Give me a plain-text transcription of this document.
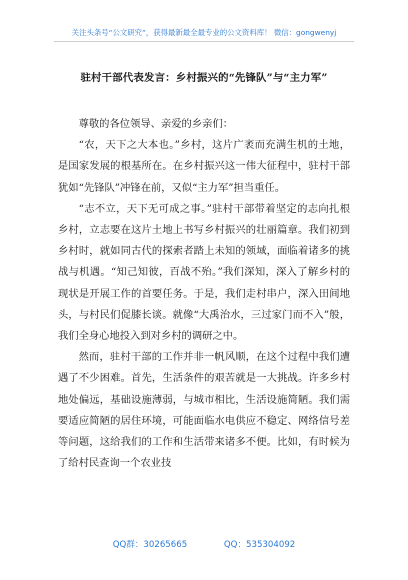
关注头条号“公文研究”，获得最新最全最专业的公文资料库！ 微信：gongwenyj
驻村干部代表发言：乡村振兴的“先锋队”与“主力军”

尊敬的各位领导、亲爱的乡亲们：

“农，天下之大本也。”乡村，这片广袤而充满生机的土地，是国家发展的根基所在。在乡村振兴这一伟大征程中，驻村干部犹如“先锋队”冲锋在前，又似“主力军”担当重任。

“志不立，天下无可成之事。”驻村干部带着坚定的志向扎根乡村，立志要在这片土地上书写乡村振兴的壮丽篇章。我们初到乡村时，就如同古代的探索者踏上未知的领域，面临着诸多的挑战与机遇。“知己知彼，百战不殆。”我们深知，深入了解乡村的现状是开展工作的首要任务。于是，我们走村串户，深入田间地头，与村民们促膝长谈。就像“大禹治水，三过家门而不入”般，我们全身心地投入到对乡村的调研之中。

然而，驻村干部的工作并非一帆风顺，在这个过程中我们遭遇了不少困难。首先，生活条件的艰苦就是一大挑战。许多乡村地处偏远，基础设施薄弱，与城市相比，生活设施简陋。我们需要适应简陋的居住环境，可能面临水电供应不稳定、网络信号差等问题，这给我们的工作和生活带来诸多不便。比如，有时候为了给村民查询一个农业技

QQ群：30265665	QQ：535304092
